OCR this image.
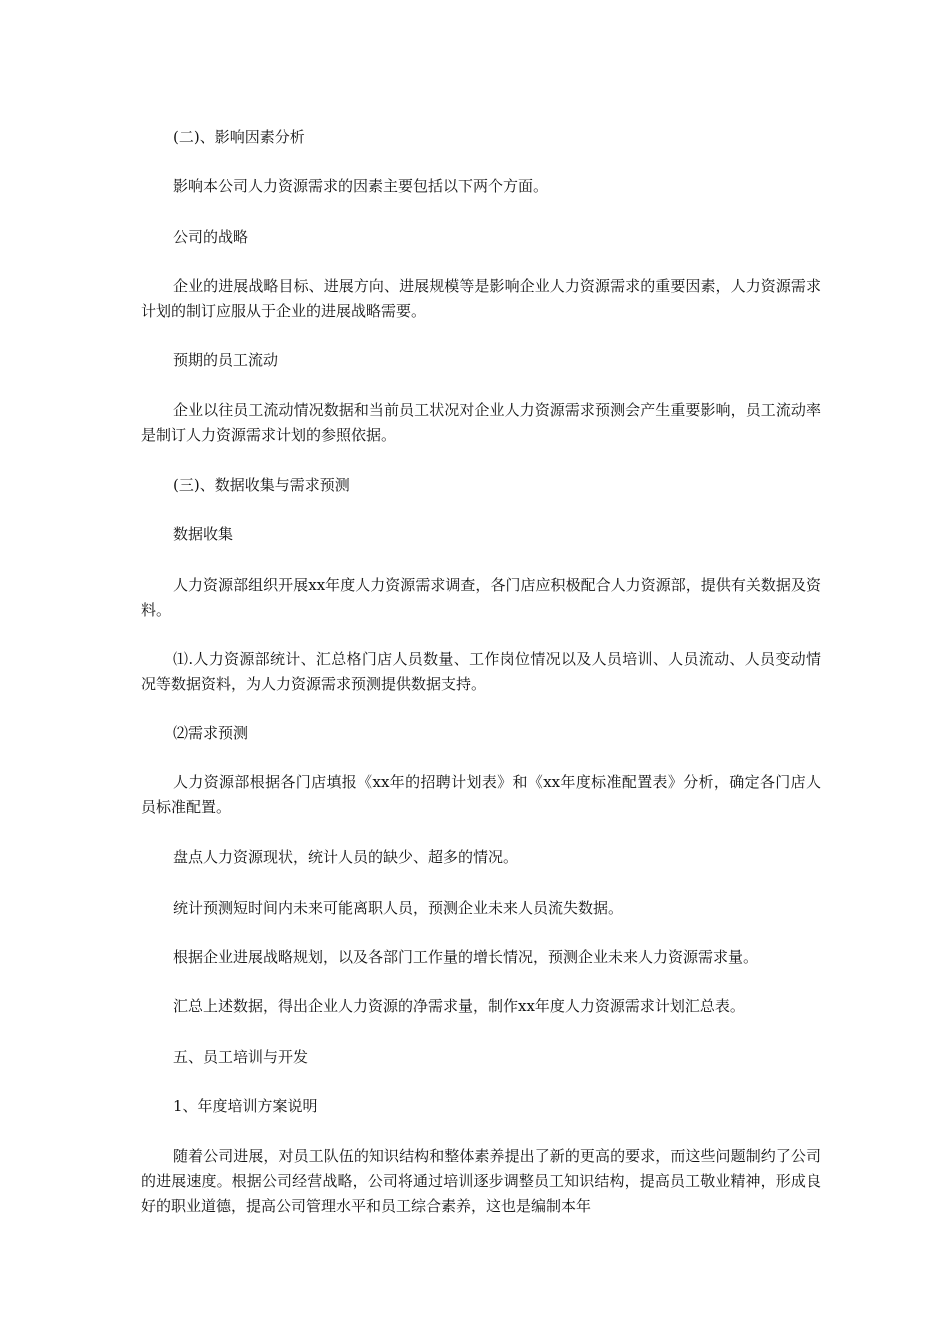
(二)、影响因素分析

影响本公司人力资源需求的因素主要包括以下两个方面。

公司的战略

企业的进展战略目标、进展方向、进展规模等是影响企业人力资源需求的重要因素，人力资源需求计划的制订应服从于企业的进展战略需要。

预期的员工流动

企业以往员工流动情况数据和当前员工状况对企业人力资源需求预测会产生重要影响，员工流动率是制订人力资源需求计划的参照依据。

(三)、数据收集与需求预测

数据收集

人力资源部组织开展xx年度人力资源需求调查，各门店应积极配合人力资源部，提供有关数据及资料。

⑴.人力资源部统计、汇总格门店人员数量、工作岗位情况以及人员培训、人员流动、人员变动情况等数据资料，为人力资源需求预测提供数据支持。

⑵需求预测

人力资源部根据各门店填报《xx年的招聘计划表》和《xx年度标准配置表》分析，确定各门店人员标准配置。

盘点人力资源现状，统计人员的缺少、超多的情况。

统计预测短时间内未来可能离职人员，预测企业未来人员流失数据。

根据企业进展战略规划，以及各部门工作量的增长情况，预测企业未来人力资源需求量。

汇总上述数据，得出企业人力资源的净需求量，制作xx年度人力资源需求计划汇总表。

五、员工培训与开发

1、年度培训方案说明

随着公司进展，对员工队伍的知识结构和整体素养提出了新的更高的要求，而这些问题制约了公司的进展速度。根据公司经营战略，公司将通过培训逐步调整员工知识结构，提高员工敬业精神，形成良好的职业道德，提高公司管理水平和员工综合素养，这也是编制本年
